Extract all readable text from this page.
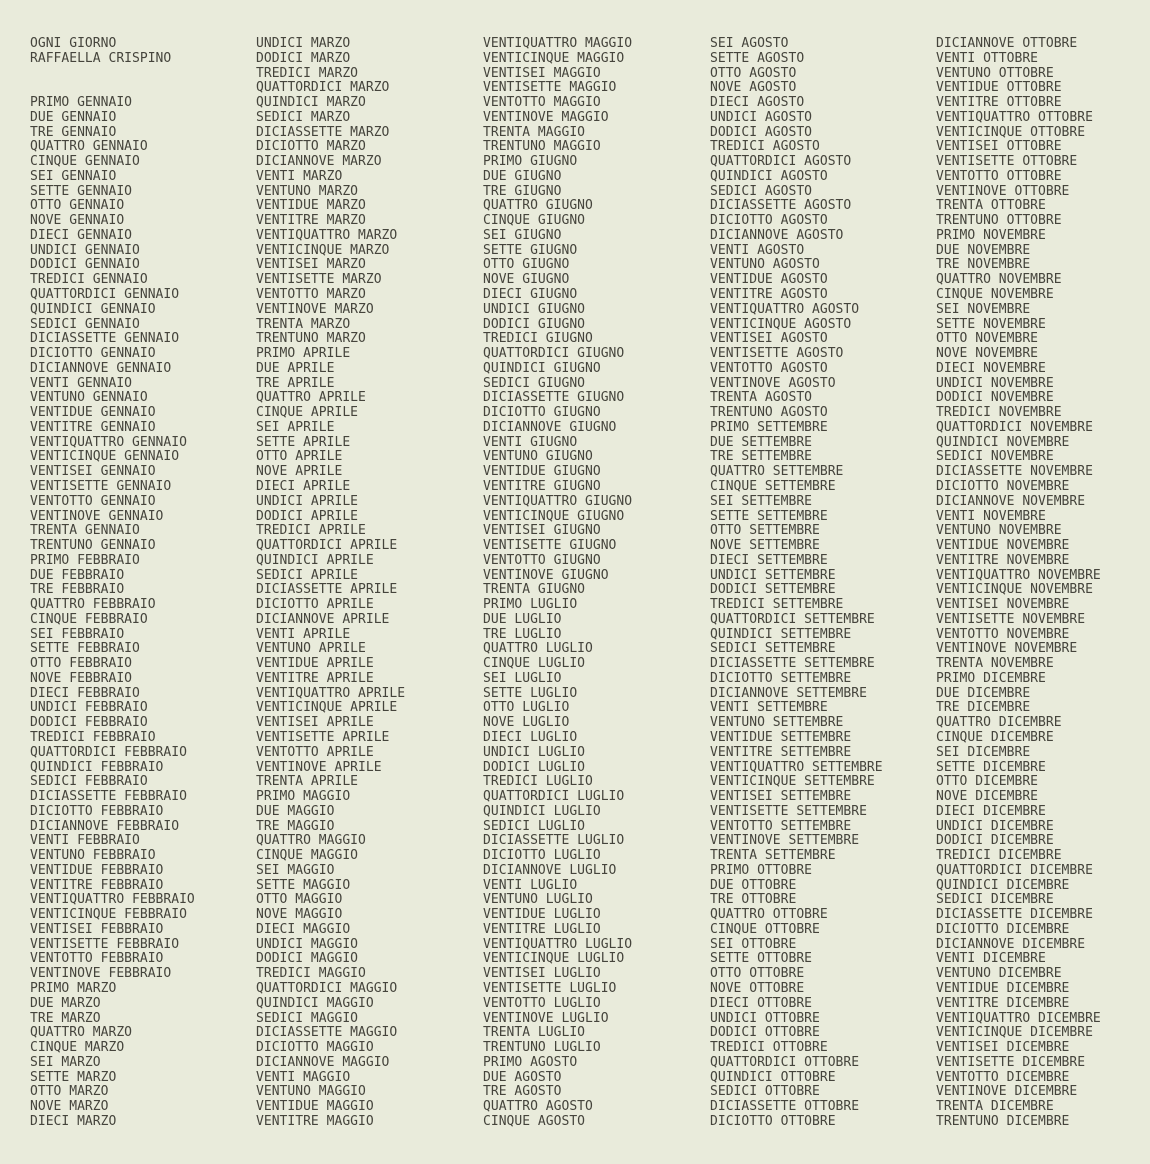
OGNI GIORNO
RAFFAELLA CRISPINO
PRIMO GENNAIO
DUE GENNAIO
TRE GENNAIO
QUATTRO GENNAIO
CINQUE GENNAIO
SEI GENNAIO
SETTE GENNAIO
OTTO GENNAIO
NOVE GENNAIO
DIECI GENNAIO
UNDICI GENNAIO
DODICI GENNAIO
TREDICI GENNAIO
QUATTORDICI GENNAIO
QUINDICI GENNAIO
SEDICI GENNAIO
DICIASSETTE GENNAIO
DICIOTTO GENNAIO
DICIANNOVE GENNAIO
VENTI GENNAIO
VENTUNO GENNAIO
VENTIDUE GENNAIO
VENTITRE GENNAIO
VENTIQUATTRO GENNAIO
VENTICINQUE GENNAIO
VENTISEI GENNAIO
VENTISETTE GENNAIO
VENTOTTO GENNAIO
VENTINOVE GENNAIO
TRENTA GENNAIO
TRENTUNO GENNAIO
PRIMO FEBBRAIO
DUE FEBBRAIO
TRE FEBBRAIO
QUATTRO FEBBRAIO
CINQUE FEBBRAIO
SEI FEBBRAIO
SETTE FEBBRAIO
OTTO FEBBRAIO
NOVE FEBBRAIO
DIECI FEBBRAIO
UNDICI FEBBRAIO
DODICI FEBBRAIO
TREDICI FEBBRAIO
QUATTORDICI FEBBRAIO
QUINDICI FEBBRAIO
SEDICI FEBBRAIO
DICIASSETTE FEBBRAIO
DICIOTTO FEBBRAIO
DICIANNOVE FEBBRAIO
VENTI FEBBRAIO
VENTUNO FEBBRAIO
VENTIDUE FEBBRAIO
VENTITRE FEBBRAIO
VENTIQUATTRO FEBBRAIO
VENTICINQUE FEBBRAIO
VENTISEI FEBBRAIO
VENTISETTE FEBBRAIO
VENTOTTO FEBBRAIO
VENTINOVE FEBBRAIO
PRIMO MARZO
DUE MARZO
TRE MARZO
QUATTRO MARZO
CINQUE MARZO
SEI MARZO
SETTE MARZO
OTTO MARZO
NOVE MARZO
DIECI MARZO
UNDICI MARZO
DODICI MARZO
TREDICI MARZO
QUATTORDICI MARZO
QUINDICI MARZO
SEDICI MARZO
DICIASSETTE MARZO
DICIOTTO MARZO
DICIANNOVE MARZO
VENTI MARZO
VENTUNO MARZO
VENTIDUE MARZO
VENTITRE MARZO
VENTIQUATTRO MARZO
VENTICINQUE MARZO
VENTISEI MARZO
VENTISETTE MARZO
VENTOTTO MARZO
VENTINOVE MARZO
TRENTA MARZO
TRENTUNO MARZO
PRIMO APRILE
DUE APRILE
TRE APRILE
QUATTRO APRILE
CINQUE APRILE
SEI APRILE
SETTE APRILE
OTTO APRILE
NOVE APRILE
DIECI APRILE
UNDICI APRILE
DODICI APRILE
TREDICI APRILE
QUATTORDICI APRILE
QUINDICI APRILE
SEDICI APRILE
DICIASSETTE APRILE
DICIOTTO APRILE
DICIANNOVE APRILE
VENTI APRILE
VENTUNO APRILE
VENTIDUE APRILE
VENTITRE APRILE
VENTIQUATTRO APRILE
VENTICINQUE APRILE
VENTISEI APRILE
VENTISETTE APRILE
VENTOTTO APRILE
VENTINOVE APRILE
TRENTA APRILE
PRIMO MAGGIO
DUE MAGGIO
TRE MAGGIO
QUATTRO MAGGIO
CINQUE MAGGIO
SEI MAGGIO
SETTE MAGGIO
OTTO MAGGIO
NOVE MAGGIO
DIECI MAGGIO
UNDICI MAGGIO
DODICI MAGGIO
TREDICI MAGGIO
QUATTORDICI MAGGIO
QUINDICI MAGGIO
SEDICI MAGGIO
DICIASSETTE MAGGIO
DICIOTTO MAGGIO
DICIANNOVE MAGGIO
VENTI MAGGIO
VENTUNO MAGGIO
VENTIDUE MAGGIO
VENTITRE MAGGIO
VENTIQUATTRO MAGGIO
VENTICINQUE MAGGIO
VENTISEI MAGGIO
VENTISETTE MAGGIO
VENTOTTO MAGGIO
VENTINOVE MAGGIO
TRENTA MAGGIO
TRENTUNO MAGGIO
PRIMO GIUGNO
DUE GIUGNO
TRE GIUGNO
QUATTRO GIUGNO
CINQUE GIUGNO
SEI GIUGNO
SETTE GIUGNO
OTTO GIUGNO
NOVE GIUGNO
DIECI GIUGNO
UNDICI GIUGNO
DODICI GIUGNO
TREDICI GIUGNO
QUATTORDICI GIUGNO
QUINDICI GIUGNO
SEDICI GIUGNO
DICIASSETTE GIUGNO
DICIOTTO GIUGNO
DICIANNOVE GIUGNO
VENTI GIUGNO
VENTUNO GIUGNO
VENTIDUE GIUGNO
VENTITRE GIUGNO
VENTIQUATTRO GIUGNO
VENTICINQUE GIUGNO
VENTISEI GIUGNO
VENTISETTE GIUGNO
VENTOTTO GIUGNO
VENTINOVE GIUGNO
TRENTA GIUGNO
PRIMO LUGLIO
DUE LUGLIO
TRE LUGLIO
QUATTRO LUGLIO
CINQUE LUGLIO
SEI LUGLIO
SETTE LUGLIO
OTTO LUGLIO
NOVE LUGLIO
DIECI LUGLIO
UNDICI LUGLIO
DODICI LUGLIO
TREDICI LUGLIO
QUATTORDICI LUGLIO
QUINDICI LUGLIO
SEDICI LUGLIO
DICIASSETTE LUGLIO
DICIOTTO LUGLIO
DICIANNOVE LUGLIO
VENTI LUGLIO
VENTUNO LUGLIO
VENTIDUE LUGLIO
VENTITRE LUGLIO
VENTIQUATTRO LUGLIO
VENTICINQUE LUGLIO
VENTISEI LUGLIO
VENTISETTE LUGLIO
VENTOTTO LUGLIO
VENTINOVE LUGLIO
TRENTA LUGLIO
TRENTUNO LUGLIO
PRIMO AGOSTO
DUE AGOSTO
TRE AGOSTO
QUATTRO AGOSTO
CINQUE AGOSTO
SEI AGOSTO
SETTE AGOSTO
OTTO AGOSTO
NOVE AGOSTO
DIECI AGOSTO
UNDICI AGOSTO
DODICI AGOSTO
TREDICI AGOSTO
QUATTORDICI AGOSTO
QUINDICI AGOSTO
SEDICI AGOSTO
DICIASSETTE AGOSTO
DICIOTTO AGOSTO
DICIANNOVE AGOSTO
VENTI AGOSTO
VENTUNO AGOSTO
VENTIDUE AGOSTO
VENTITRE AGOSTO
VENTIQUATTRO AGOSTO
VENTICINQUE AGOSTO
VENTISEI AGOSTO
VENTISETTE AGOSTO
VENTOTTO AGOSTO
VENTINOVE AGOSTO
TRENTA AGOSTO
TRENTUNO AGOSTO
PRIMO SETTEMBRE
DUE SETTEMBRE
TRE SETTEMBRE
QUATTRO SETTEMBRE
CINQUE SETTEMBRE
SEI SETTEMBRE
SETTE SETTEMBRE
OTTO SETTEMBRE
NOVE SETTEMBRE
DIECI SETTEMBRE
UNDICI SETTEMBRE
DODICI SETTEMBRE
TREDICI SETTEMBRE
QUATTORDICI SETTEMBRE
QUINDICI SETTEMBRE
SEDICI SETTEMBRE
DICIASSETTE SETTEMBRE
DICIOTTO SETTEMBRE
DICIANNOVE SETTEMBRE
VENTI SETTEMBRE
VENTUNO SETTEMBRE
VENTIDUE SETTEMBRE
VENTITRE SETTEMBRE
VENTIQUATTRO SETTEMBRE
VENTICINQUE SETTEMBRE
VENTISEI SETTEMBRE
VENTISETTE SETTEMBRE
VENTOTTO SETTEMBRE
VENTINOVE SETTEMBRE
TRENTA SETTEMBRE
PRIMO OTTOBRE
DUE OTTOBRE
TRE OTTOBRE
QUATTRO OTTOBRE
CINQUE OTTOBRE
SEI OTTOBRE
SETTE OTTOBRE
OTTO OTTOBRE
NOVE OTTOBRE
DIECI OTTOBRE
UNDICI OTTOBRE
DODICI OTTOBRE
TREDICI OTTOBRE
QUATTORDICI OTTOBRE
QUINDICI OTTOBRE
SEDICI OTTOBRE
DICIASSETTE OTTOBRE
DICIOTTO OTTOBRE
DICIANNOVE OTTOBRE
VENTI OTTOBRE
VENTUNO OTTOBRE
VENTIDUE OTTOBRE
VENTITRE OTTOBRE
VENTIQUATTRO OTTOBRE
VENTICINQUE OTTOBRE
VENTISEI OTTOBRE
VENTISETTE OTTOBRE
VENTOTTO OTTOBRE
VENTINOVE OTTOBRE
TRENTA OTTOBRE
TRENTUNO OTTOBRE
PRIMO NOVEMBRE
DUE NOVEMBRE
TRE NOVEMBRE
QUATTRO NOVEMBRE
CINQUE NOVEMBRE
SEI NOVEMBRE
SETTE NOVEMBRE
OTTO NOVEMBRE
NOVE NOVEMBRE
DIECI NOVEMBRE
UNDICI NOVEMBRE
DODICI NOVEMBRE
TREDICI NOVEMBRE
QUATTORDICI NOVEMBRE
QUINDICI NOVEMBRE
SEDICI NOVEMBRE
DICIASSETTE NOVEMBRE
DICIOTTO NOVEMBRE
DICIANNOVE NOVEMBRE
VENTI NOVEMBRE
VENTUNO NOVEMBRE
VENTIDUE NOVEMBRE
VENTITRE NOVEMBRE
VENTIQUATTRO NOVEMBRE
VENTICINQUE NOVEMBRE
VENTISEI NOVEMBRE
VENTISETTE NOVEMBRE
VENTOTTO NOVEMBRE
VENTINOVE NOVEMBRE
TRENTA NOVEMBRE
PRIMO DICEMBRE
DUE DICEMBRE
TRE DICEMBRE
QUATTRO DICEMBRE
CINQUE DICEMBRE
SEI DICEMBRE
SETTE DICEMBRE
OTTO DICEMBRE
NOVE DICEMBRE
DIECI DICEMBRE
UNDICI DICEMBRE
DODICI DICEMBRE
TREDICI DICEMBRE
QUATTORDICI DICEMBRE
QUINDICI DICEMBRE
SEDICI DICEMBRE
DICIASSETTE DICEMBRE
DICIOTTO DICEMBRE
DICIANNOVE DICEMBRE
VENTI DICEMBRE
VENTUNO DICEMBRE
VENTIDUE DICEMBRE
VENTITRE DICEMBRE
VENTIQUATTRO DICEMBRE
VENTICINQUE DICEMBRE
VENTISEI DICEMBRE
VENTISETTE DICEMBRE
VENTOTTO DICEMBRE
VENTINOVE DICEMBRE
TRENTA DICEMBRE
TRENTUNO DICEMBRE
